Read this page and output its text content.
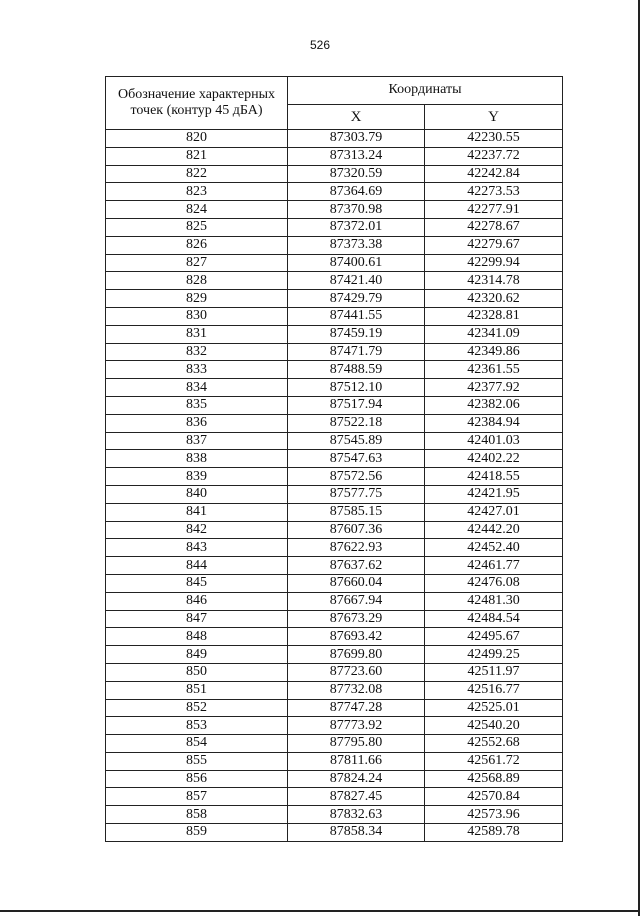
526
Обозначение характерных точек (контур 45 дБА)	Координаты	
	X	Y
820	87303.79	42230.55
821	87313.24	42237.72
822	87320.59	42242.84
823	87364.69	42273.53
824	87370.98	42277.91
825	87372.01	42278.67
826	87373.38	42279.67
827	87400.61	42299.94
828	87421.40	42314.78
829	87429.79	42320.62
830	87441.55	42328.81
831	87459.19	42341.09
832	87471.79	42349.86
833	87488.59	42361.55
834	87512.10	42377.92
835	87517.94	42382.06
836	87522.18	42384.94
837	87545.89	42401.03
838	87547.63	42402.22
839	87572.56	42418.55
840	87577.75	42421.95
841	87585.15	42427.01
842	87607.36	42442.20
843	87622.93	42452.40
844	87637.62	42461.77
845	87660.04	42476.08
846	87667.94	42481.30
847	87673.29	42484.54
848	87693.42	42495.67
849	87699.80	42499.25
850	87723.60	42511.97
851	87732.08	42516.77
852	87747.28	42525.01
853	87773.92	42540.20
854	87795.80	42552.68
855	87811.66	42561.72
856	87824.24	42568.89
857	87827.45	42570.84
858	87832.63	42573.96
859	87858.34	42589.78
